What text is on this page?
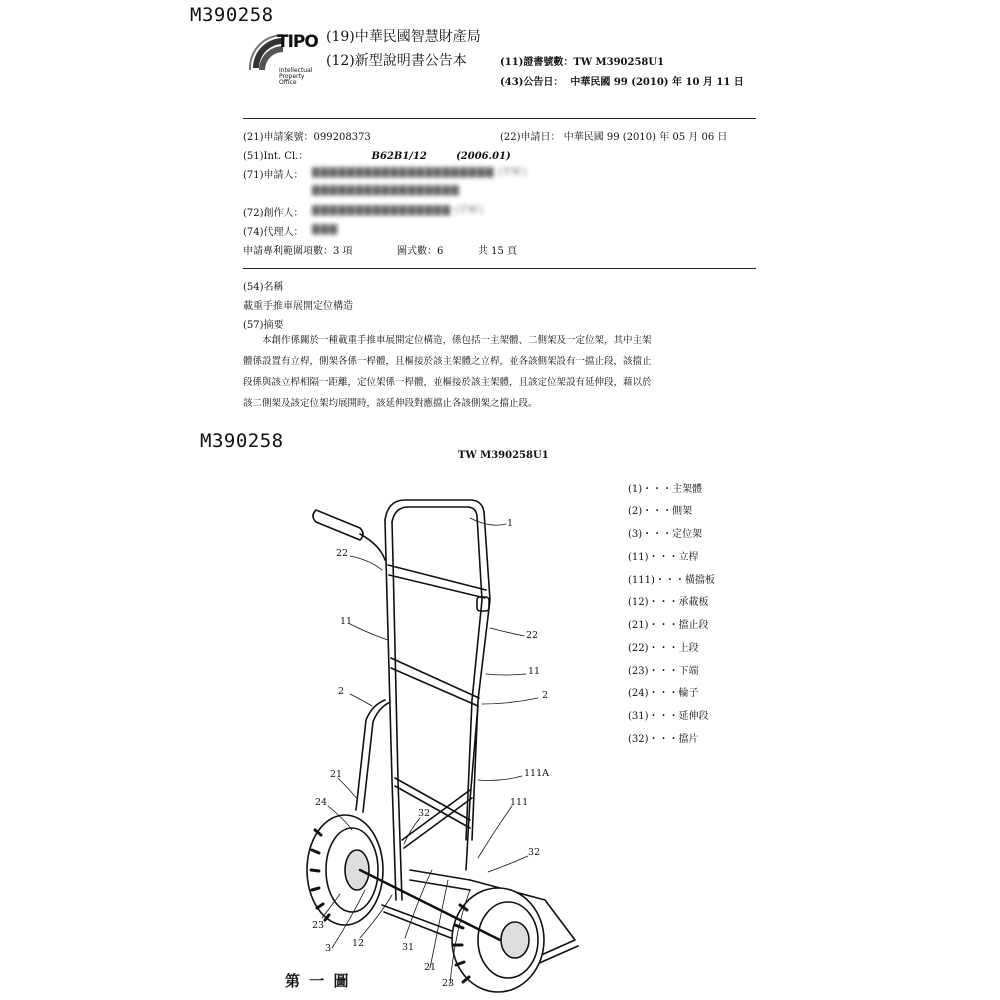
M390258
TIPO
Intellectual
Property
Office
(19)中華民國智慧財產局
(12)新型說明書公告本	(11)證書號數：TW M390258U1
(43)公告日： 中華民國 99 (2010) 年 10 月 11 日
(21)申請案號：099208373	(22)申請日： 中華民國 99 (2010) 年 05 月 06 日
(51)Int. Cl.：	B62B1/12	(2006.01)
(71)申請人： ▇▇▇▇▇▇▇▇▇▇▇▇▇▇▇▇▇▇▇▇▇ (TW)
▇▇▇▇▇▇▇▇▇▇▇▇▇▇▇▇▇
(72)創作人： ▇▇▇▇▇▇▇▇▇▇▇▇▇▇▇▇ (TW)
(74)代理人： ▇▇▇
申請專利範圍項數：3 項	圖式數：6	共 15 頁
(54)名稱
載重手推車展開定位構造
(57)摘要
本創作係關於一種載重手推車展開定位構造，係包括一主架體、二側架及一定位架，其中主架
體係設置有立桿，側架各係一桿體，且樞接於該主架體之立桿，並各該側架設有一擋止段，該擋止
段係與該立桿相隔一距離，定位架係一桿體，並樞接於該主架體，且該定位架設有延伸段，藉以於
該二側架及該定位架均展開時，該延伸段對應擋止各該側架之擋止段。
M390258
TW M390258U1
(1)・・・主架體
(2)・・・側架
(3)・・・定位架
(11)・・・立桿
(111)・・・橫擋板
(12)・・・承載板
(21)・・・擋止段
(22)・・・上段
(23)・・・下端
(24)・・・輪子
(31)・・・延伸段
(32)・・・擋片
1
22
11
22
11
2	2
111A
21
24
32
111
32
23
3 12	31
21
23
第 一 圖
